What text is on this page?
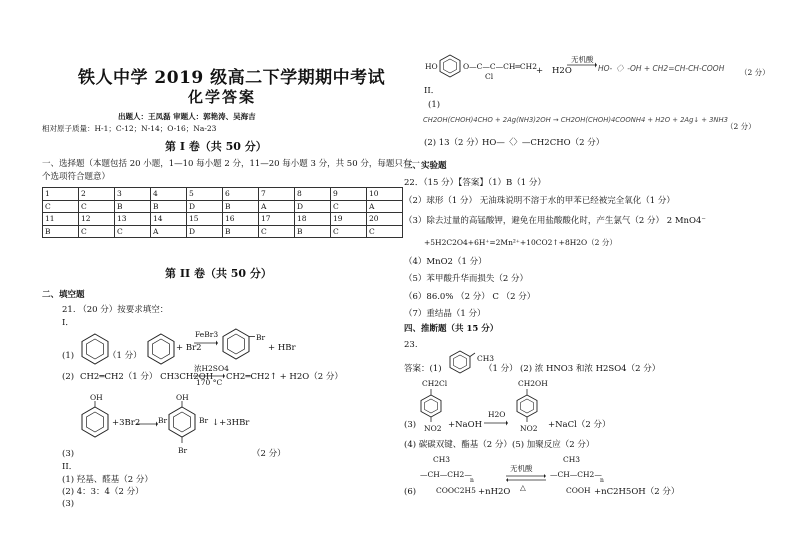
铁人中学 2019 级高二下学期期中考试
化学答案
出题人：王凤磊 审题人：郭艳涛、吴海吉
相对原子质量：H-1；C-12；N-14；O-16；Na-23
第 I 卷（共 50 分）
一、选择题（本题包括 20 小题，1—10 每小题 2 分，11—20 每小题 3 分，共 50 分，每题只有一
个选项符合题意）
1	2	3	4	5	6	7	8	9	10
C	C	B	B	D	B	A	D	C	A
11	12	13	14	15	16	17	18	19	20
B	C	C	A	D	B	C	B	C	C
第 II 卷（共 50 分）
二、填空题
21. （20 分）按要求填空：
I．
(1)	（1 分）
+ Br2
FeBr3	Br
+ HBr
(2) CH2═CH2（1 分） CH3CH2OH
浓H2SO4
170 °C
CH2═CH2↑ + H2O（2 分）
OH
+3Br2
OH
Br	Br
Br
↓+3HBr
(3)	（2 分）
II．
(1) 羟基、醛基（2 分）
(2) 4：3：4（2 分）
(3)
HO	O—C—C—CH═CH2
Cl
+ H2O
无机酸
→ HO-〈〉-OH + CH2=CH-CH-COOH （2 分）
II．
(1)
CH2OH(CHOH)4CHO + 2Ag(NH3)2OH → CH2OH(CHOH)4COONH4 + H2O + 2Ag↓ + 3NH3
（2 分）
(2) 13（2 分）
HO—〈〉—CH2CHO（2 分）
三、实验题
22．（15 分）【答案】（1）B（1 分）
（2）球形（1 分） 无油珠说明不溶于水的甲苯已经被完全氧化（1 分）
（3）除去过量的高锰酸钾，避免在用盐酸酸化时，产生氯气（2 分） 2 MnO4⁻
+5H2C2O4+6H⁺=2Mn²⁺+10CO2↑+8H2O（2 分）
（4）MnO2（1 分）
（5）苯甲酸升华而损失（2 分）
（6）86.0% （2 分） C （2 分）
（7）重结晶（1 分）
四、推断题（共 15 分）
23.
答案：(1)
CH3
（1 分） (2) 浓 HNO3 和浓 H2SO4（2 分）
CH2Cl
NO2
(3)	+NaOH
H2O
CH2OH
NO2 +NaCl（2 分）
(4) 碳碳双键、酯基（2 分） (5) 加聚反应（2 分）
(6)
CH3
—CH—CH2—
n
COOC2H5 +nH2O
无机酸
△
CH3
—CH—CH2—
n
COOH +nC2H5OH（2 分）
